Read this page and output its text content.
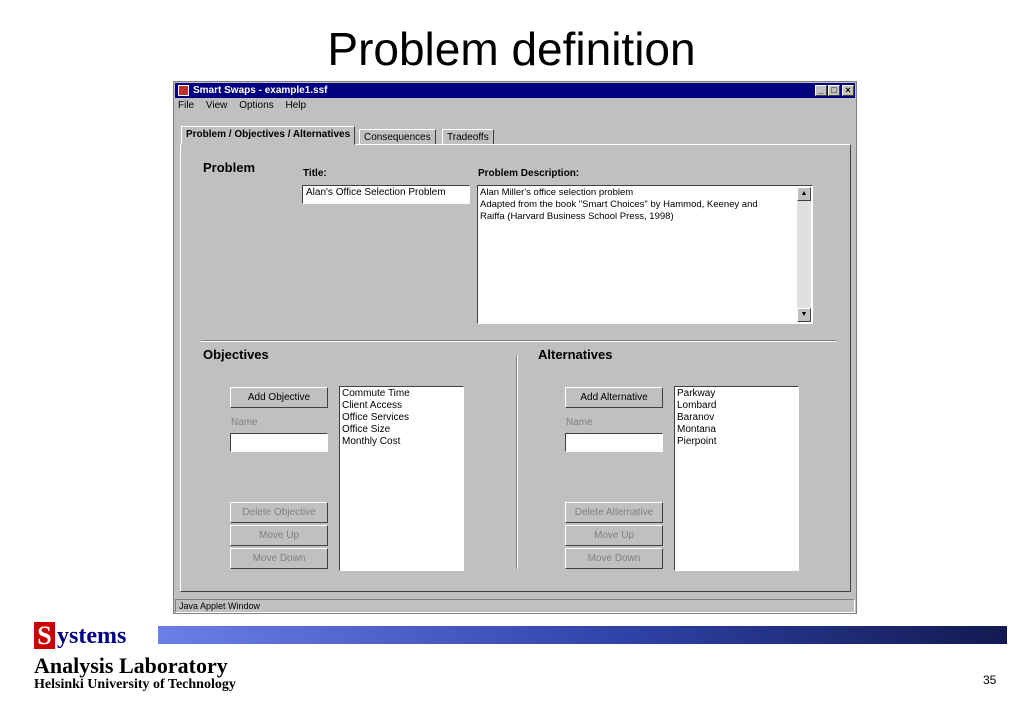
Problem definition
Smart Swaps - example1.ssf	_ □ ×
File View Options Help
Problem / Objectives / Alternatives	Consequences	Tradeoffs
Problem	Title:
Alan's Office Selection Problem
Problem Description:
Alan Miller's office selection problem
Adapted from the book "Smart Choices" by Hammod, Keeney and
Raiffa (Harvard Business School Press, 1998)
▲
▼
Objectives
Add Objective
Name
Commute Time
Client Access
Office Services
Office Size
Monthly Cost
Delete Objective
Move Up
Move Down
Alternatives
Add Alternative
Name
Parkway
Lombard
Baranov
Montana
Pierpoint
Delete Alternative
Move Up
Move Down
Java Applet Window
S ystems
Analysis Laboratory
Helsinki University of Technology	35
